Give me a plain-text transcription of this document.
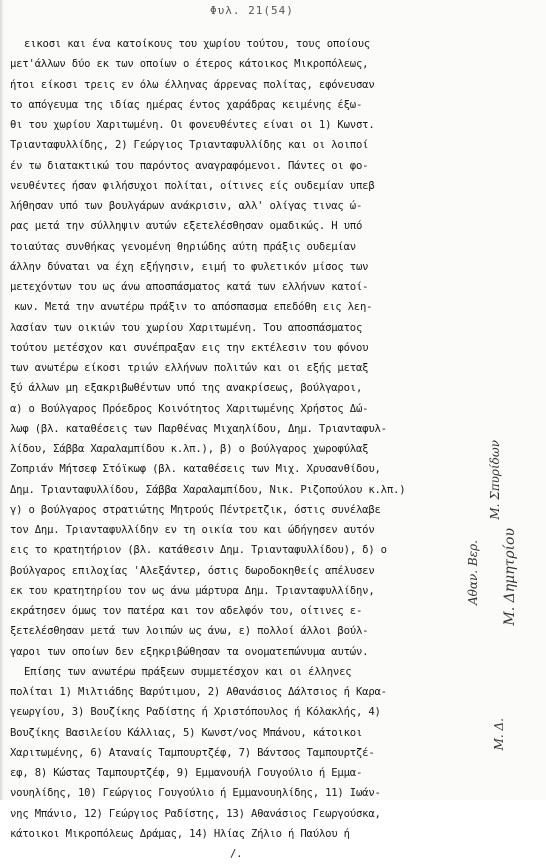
Φυλ. 21(54)
εικοσι και ένα κατοίκους του χωρίου τούτου, τους οποίους
μετ'άλλων δύο εκ των οποίων ο έτερος κάτοικος Μικροπόλεως,
ήτοι είκοσι τρεις εν όλω έλληνας άρρενας πολίτας, εφόνευσαν
το απόγευμα της ιδίας ημέρας έντος χαράδρας κειμένης έξω-
θι του χωρίου Χαριτωμένη. Οι φονευθέντες είναι οι 1) Κωνστ.
Τριανταφυλλίδης, 2) Γεώργιος Τριανταφυλλίδης και οι λοιποί
έν τω διατακτικώ του παρόντος αναγραφόμενοι. Πάντες οι φο-
νευθέντες ήσαν φιλήσυχοι πολίται, οίτινες είς ουδεμίαν υπεβ
λήθησαν υπό των βουλγάρων ανάκρισιν, αλλ' ολίγας τινας ώ-
ρας μετά την σύλληψιν αυτών εξετελέσθησαν ομαδικώς. Η υπό
τοιαύτας συνθήκας γενομένη θηριώδης αύτη πράξις ουδεμίαν
άλλην δύναται να έχη εξήγησιν, ειμή το φυλετικόν μίσος των
μετεχόντων του ως άνω αποσπάσματος κατά των ελλήνων κατοί-
κων. Μετά την ανωτέρω πράξιν το απόσπασμα επεδόθη εις λεη-
λασίαν των οικιών του χωρίου Χαριτωμένη. Του αποσπάσματος
τούτου μετέσχον και συνέπραξαν εις την εκτέλεσιν του φόνου
των ανωτέρω είκοσι τριών ελλήνων πολιτών και οι εξής μεταξ
ξύ άλλων μη εξακριβωθέντων υπό της ανακρίσεως, βούλγαροι,
α) ο Βούλγαρος Πρόεδρος Κοινότητος Χαριτωμένης Χρήστος Δώ-
λωφ (βλ. καταθέσεις των Παρθένας Μιχαηλίδου, Δημ. Τριανταφυλ-
λίδου, Σάββα Χαραλαμπίδου κ.λπ.), β) ο βούλγαρος χωροφύλαξ
Ζοπριάν Μήτσεφ Στόϊκωφ (βλ. καταθέσεις των Μιχ. Χρυσανθίδου,
Δημ. Τριανταφυλλίδου, Σάββα Χαραλαμπίδου, Νικ. Ριζοπούλου κ.λπ.)
γ) ο βούλγαρος στρατιώτης Μητρούς Πέντρετζικ, όστις συνέλαβε
τον Δημ. Τριανταφυλλίδην εν τη οικία του και ώδήγησεν αυτόν
εις το κρατητήριον (βλ. κατάθεσιν Δημ. Τριανταφυλλίδου), δ) ο
βούλγαρος επιλοχίας 'Αλεξάντερ, όστις δωροδοκηθείς απέλυσεν
εκ του κρατητηρίου τον ως άνω μάρτυρα Δημ. Τριανταφυλλίδην,
εκράτησεν όμως τον πατέρα και τον αδελφόν του, οίτινες ε-
ξετελέσθησαν μετά των λοιπών ως άνω, ε) πολλοί άλλοι βούλ-
γαροι των οποίων δεν εξηκριβώθησαν τα ονοματεπώνυμα αυτών.
Επίσης των ανωτέρω πράξεων συμμετέσχον και οι έλληνες
πολίται 1) Μιλτιάδης Βαρύτιμου, 2) Αθανάσιος Δάλτσιος ή Καρα-
γεωργίου, 3) Βουζίκης Ραδίστης ή Χριστόπουλος ή Κόλακλής, 4)
Βουζίκης Βασιλείου Κάλλιας, 5) Κωνστ/νος Μπάνου, κάτοικοι
Χαριτωμένης, 6) Αταναίς Ταμπουρτζέφ, 7) Βάντσος Ταμπουρτζέ-
εφ, 8) Κώστας Ταμπουρτζέφ, 9) Εμμανουήλ Γουγούλιο ή Εμμα-
νουηλίδης, 10) Γεώργιος Γουγούλιο ή Εμμανουηλίδης, 11) Ιωάν-
νης Μπάνιο, 12) Γεώργιος Ραδίστης, 13) Αθανάσιος Γεωργούσκα,
κάτοικοι Μικροπόλεως Δράμας, 14) Ηλίας Ζήλιο ή Παύλου ή
/.
Μ. Σπυρίδων
Αθαν. Βερ.	Μ. Δημητρίου
Μ. Δ.
